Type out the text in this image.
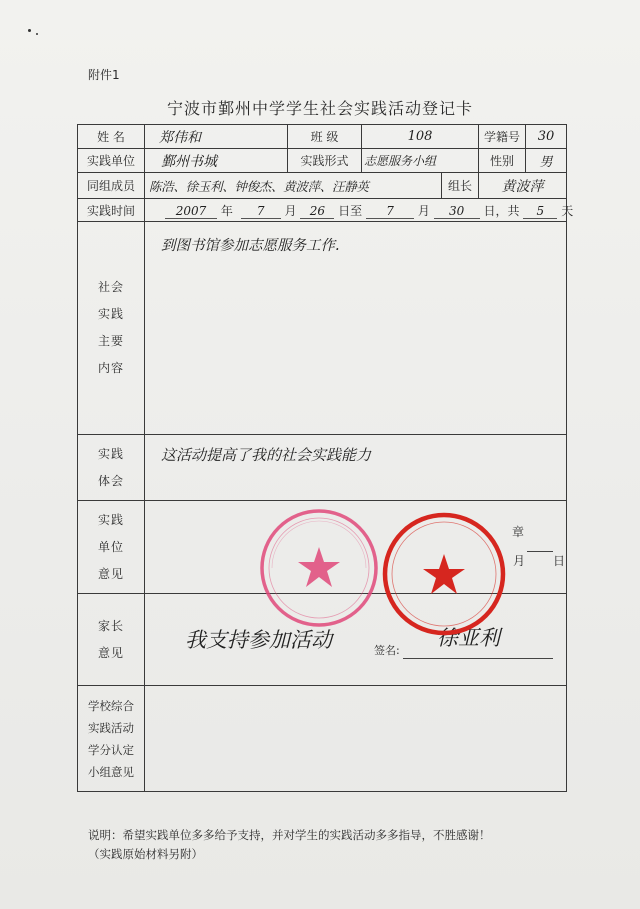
附件1
宁波市鄞州中学学生社会实践活动登记卡
姓 名	郑伟和	班 级	108		学籍号	30
实践单位	鄞州书城	实践形式	志愿服务小组		性别	男
同组成员	陈浩、徐玉利、钟俊杰、黄波萍、汪静英			组长	黄波萍	
实践时间	2007 年 7 月 26 日至 7 月 30 日，共 5 天					

社会
实践
主要
内容	到图书馆参加志愿服务工作.					

实践
体会	这活动提高了我的社会实践能力					

实践
单位
意见	章
月 日					

家长
意见	我支持参加活动 签名:
徐亚利					

学校综合
实践活动
学分认定
小组意见						

说明：希望实践单位多多给予支持，并对学生的实践活动多多指导，不胜感谢！
（实践原始材料另附）
